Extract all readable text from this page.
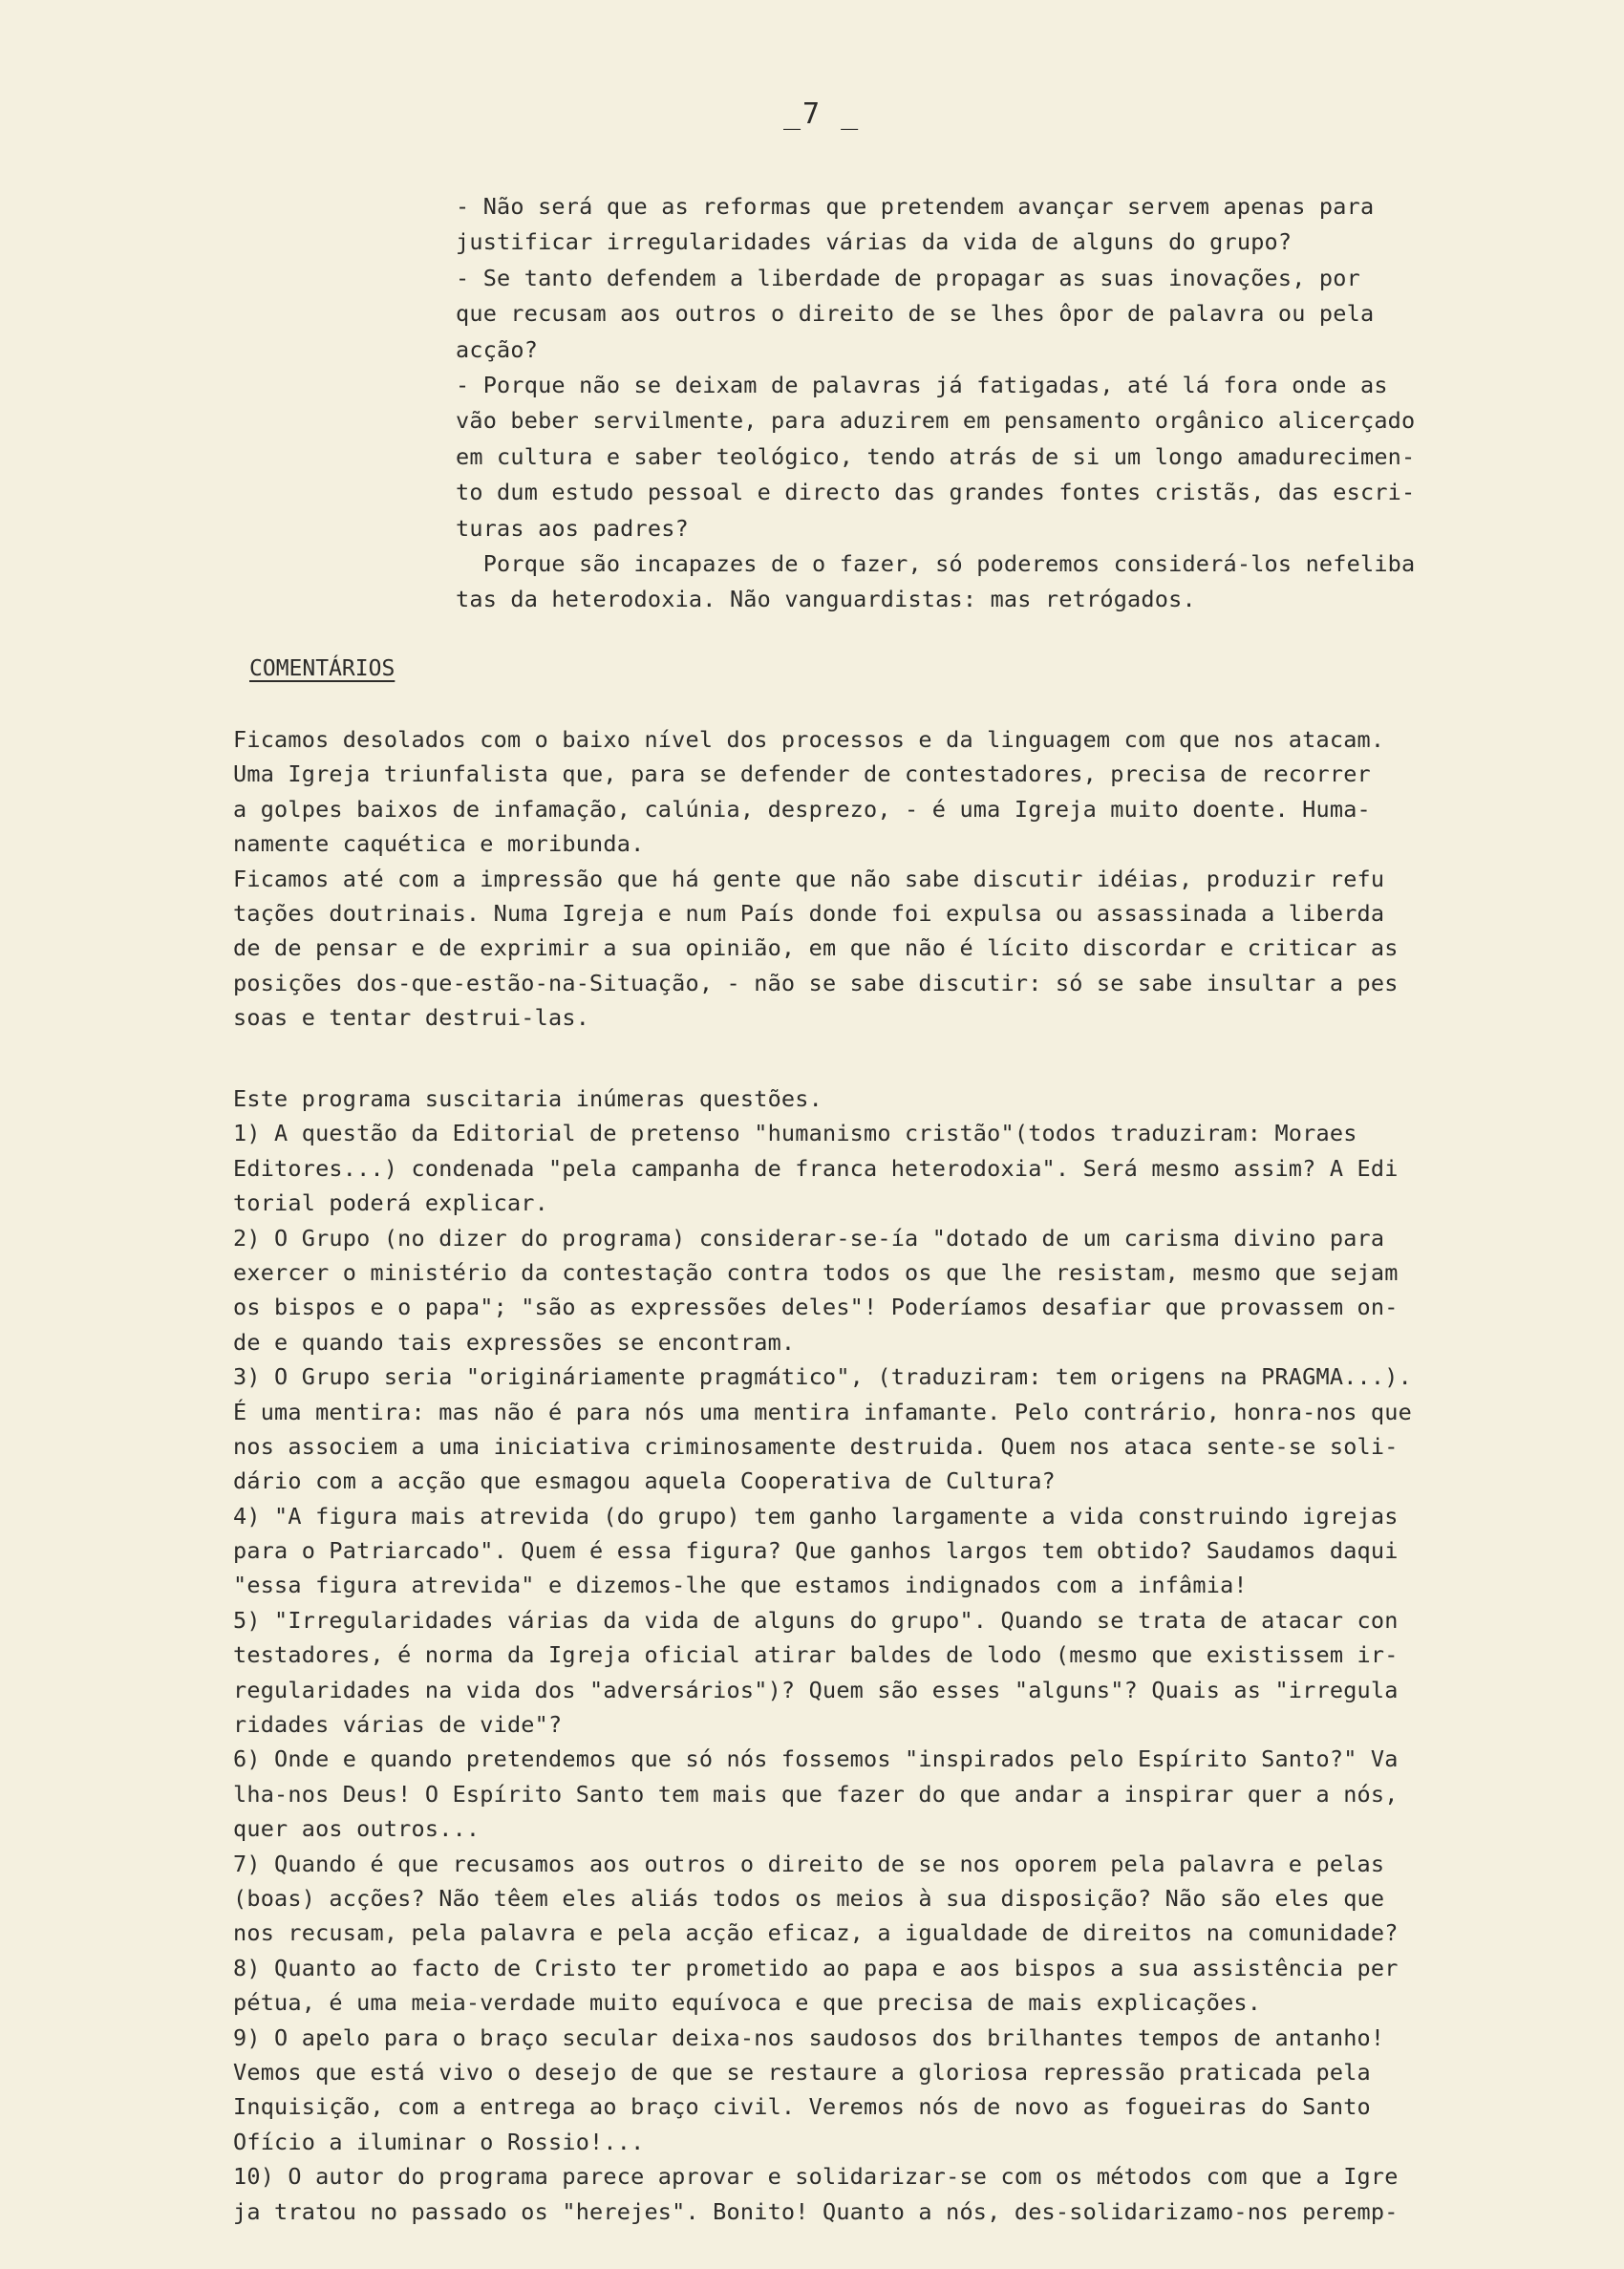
_7 _
- Não será que as reformas que pretendem avançar servem apenas para
justificar irregularidades várias da vida de alguns do grupo?
- Se tanto defendem a liberdade de propagar as suas inovações, por
que recusam aos outros o direito de se lhes ôpor de palavra ou pela
acção?
- Porque não se deixam de palavras já fatigadas, até lá fora onde as
vão beber servilmente, para aduzirem em pensamento orgânico alicerçado
em cultura e saber teológico, tendo atrás de si um longo amadurecimen-
to dum estudo pessoal e directo das grandes fontes cristãs, das escri-
turas aos padres?
Porque são incapazes de o fazer, só poderemos considerá-los nefeliba
tas da heterodoxia. Não vanguardistas: mas retrógados.
COMENTÁRIOS
Ficamos desolados com o baixo nível dos processos e da linguagem com que nos atacam.
Uma Igreja triunfalista que, para se defender de contestadores, precisa de recorrer
a golpes baixos de infamação, calúnia, desprezo, - é uma Igreja muito doente. Huma-
namente caquética e moribunda.
Ficamos até com a impressão que há gente que não sabe discutir idéias, produzir refu
tações doutrinais. Numa Igreja e num País donde foi expulsa ou assassinada a liberda
de de pensar e de exprimir a sua opinião, em que não é lícito discordar e criticar as
posições dos-que-estão-na-Situação, - não se sabe discutir: só se sabe insultar a pes
soas e tentar destrui-las.
Este programa suscitaria inúmeras questões.
1) A questão da Editorial de pretenso "humanismo cristão"(todos traduziram: Moraes
Editores...) condenada "pela campanha de franca heterodoxia". Será mesmo assim? A Edi
torial poderá explicar.
2) O Grupo (no dizer do programa) considerar-se-ía "dotado de um carisma divino para
exercer o ministério da contestação contra todos os que lhe resistam, mesmo que sejam
os bispos e o papa"; "são as expressões deles"! Poderíamos desafiar que provassem on-
de e quando tais expressões se encontram.
3) O Grupo seria "origináriamente pragmático", (traduziram: tem origens na PRAGMA...).
É uma mentira: mas não é para nós uma mentira infamante. Pelo contrário, honra-nos que
nos associem a uma iniciativa criminosamente destruida. Quem nos ataca sente-se soli-
dário com a acção que esmagou aquela Cooperativa de Cultura?
4) "A figura mais atrevida (do grupo) tem ganho largamente a vida construindo igrejas
para o Patriarcado". Quem é essa figura? Que ganhos largos tem obtido? Saudamos daqui
"essa figura atrevida" e dizemos-lhe que estamos indignados com a infâmia!
5) "Irregularidades várias da vida de alguns do grupo". Quando se trata de atacar con
testadores, é norma da Igreja oficial atirar baldes de lodo (mesmo que existissem ir-
regularidades na vida dos "adversários")? Quem são esses "alguns"? Quais as "irregula
ridades várias de vide"?
6) Onde e quando pretendemos que só nós fossemos "inspirados pelo Espírito Santo?" Va
lha-nos Deus! O Espírito Santo tem mais que fazer do que andar a inspirar quer a nós,
quer aos outros...
7) Quando é que recusamos aos outros o direito de se nos oporem pela palavra e pelas
(boas) acções? Não têem eles aliás todos os meios à sua disposição? Não são eles que
nos recusam, pela palavra e pela acção eficaz, a igualdade de direitos na comunidade?
8) Quanto ao facto de Cristo ter prometido ao papa e aos bispos a sua assistência per
pétua, é uma meia-verdade muito equívoca e que precisa de mais explicações.
9) O apelo para o braço secular deixa-nos saudosos dos brilhantes tempos de antanho!
Vemos que está vivo o desejo de que se restaure a gloriosa repressão praticada pela
Inquisição, com a entrega ao braço civil. Veremos nós de novo as fogueiras do Santo
Ofício a iluminar o Rossio!...
10) O autor do programa parece aprovar e solidarizar-se com os métodos com que a Igre
ja tratou no passado os "herejes". Bonito! Quanto a nós, des-solidarizamo-nos peremp-
